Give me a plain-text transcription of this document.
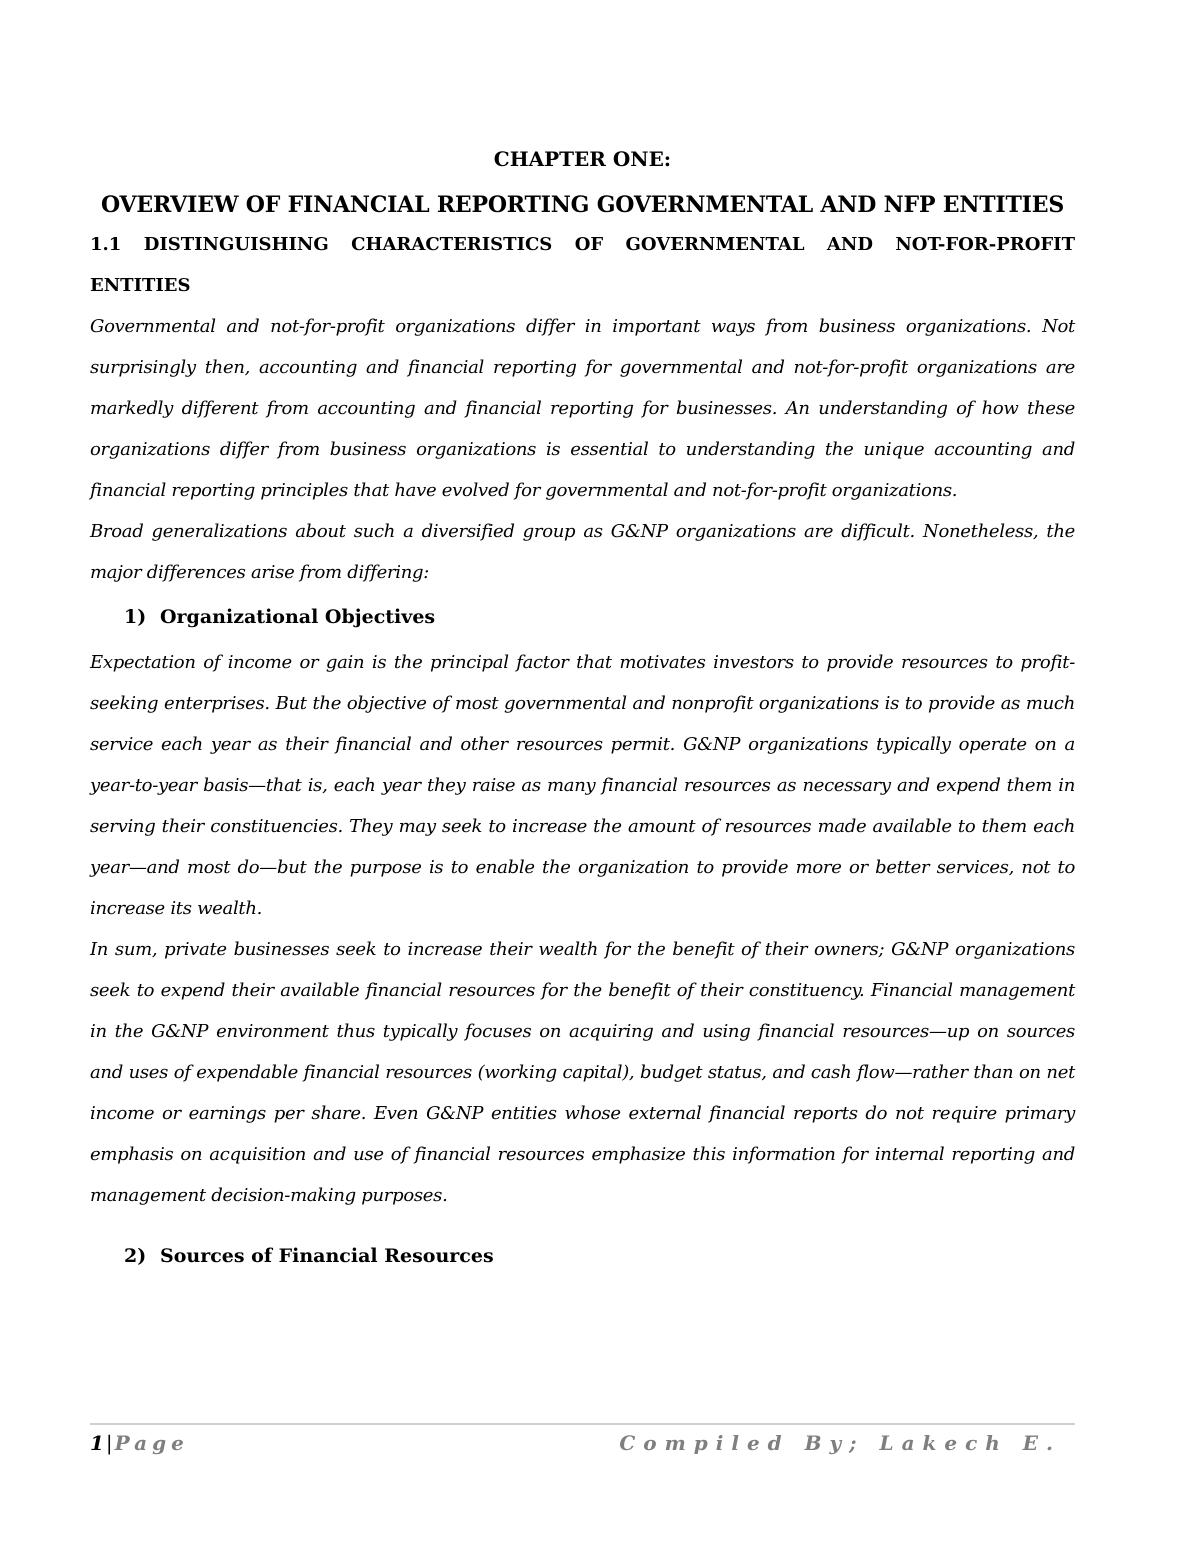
CHAPTER ONE:

OVERVIEW OF FINANCIAL REPORTING GOVERNMENTAL AND NFP ENTITIES

1.1 DISTINGUISHING CHARACTERISTICS OF GOVERNMENTAL AND NOT-FOR-PROFIT ENTITIES

Governmental and not-for-profit organizations differ in important ways from business organizations. Not surprisingly then, accounting and financial reporting for governmental and not-for-profit organizations are markedly different from accounting and financial reporting for businesses. An understanding of how these organizations differ from business organizations is essential to understanding the unique accounting and financial reporting principles that have evolved for governmental and not-for-profit organizations.

Broad generalizations about such a diversified group as G&NP organizations are difficult. Nonetheless, the major differences arise from differing:

1) Organizational Objectives

Expectation of income or gain is the principal factor that motivates investors to provide resources to profit-seeking enterprises. But the objective of most governmental and nonprofit organizations is to provide as much service each year as their financial and other resources permit. G&NP organizations typically operate on a year-to-year basis—that is, each year they raise as many financial resources as necessary and expend them in serving their constituencies. They may seek to increase the amount of resources made available to them each year—and most do—but the purpose is to enable the organization to provide more or better services, not to increase its wealth.

In sum, private businesses seek to increase their wealth for the benefit of their owners; G&NP organizations seek to expend their available financial resources for the benefit of their constituency. Financial management in the G&NP environment thus typically focuses on acquiring and using financial resources—up on sources and uses of expendable financial resources (working capital), budget status, and cash flow—rather than on net income or earnings per share. Even G&NP entities whose external financial reports do not require primary emphasis on acquisition and use of financial resources emphasize this information for internal reporting and management decision-making purposes.

2) Sources of Financial Resources

1 | Page	Compiled By; Lakech E.
